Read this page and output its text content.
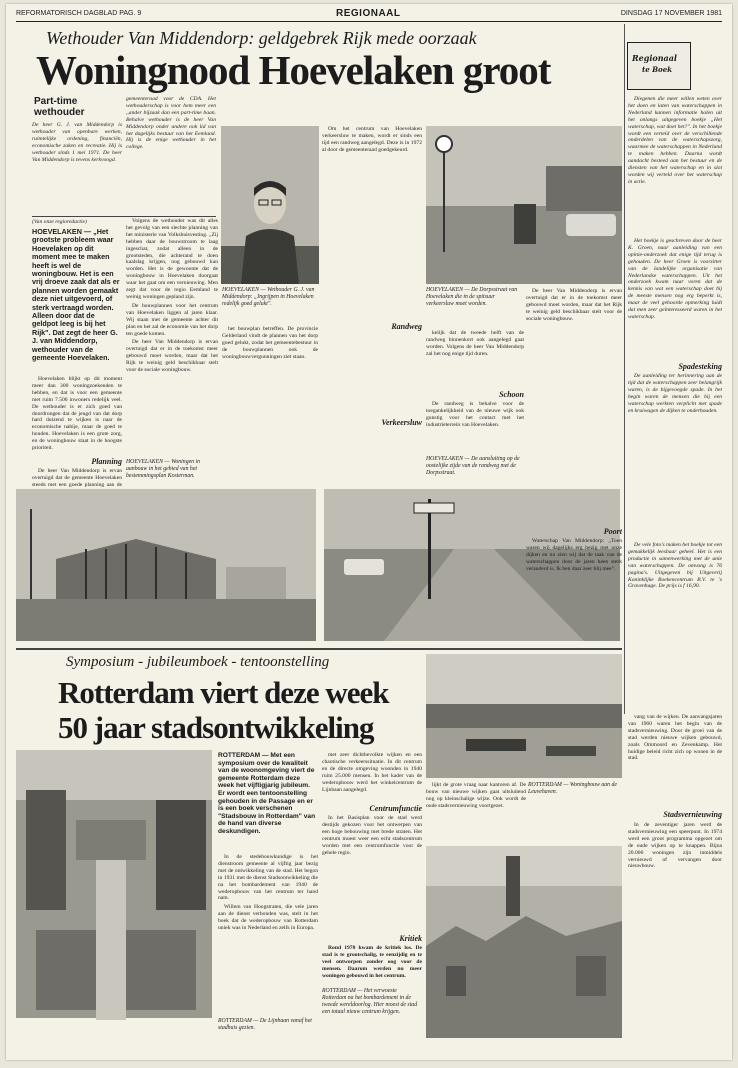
REFORMATORISCH DAGBLAD PAG. 9	REGIONAAL	DINSDAG 17 NOVEMBER 1981
Wethouder Van Middendorp: geldgebrek Rijk mede oorzaak
Woningnood Hoevelaken groot
Part-time wethouder
De heer G. J. van Middendorp is wethouder van openbare werken, ruimtelijke ordening, financiën, economische zaken en recreatie. Hij is wethouder sinds 1 mei 1971. De heer Van Middendorp is tevens kerkvoogd.
gemeenteraad voor de CDA. Het wethouderschap is voor hem meer een ,,ander bijzaak dan een part-time baan. Behalve wethouder is de heer Van Middendorp onder andere ook lid van het dagelijks bestuur van het Eemland. Hij is de enige wethouder in het college.
(Van onze regioredactie)
HOEVELAKEN — „Het grootste probleem waar Hoevelaken op dit moment mee te maken heeft is wel de woningbouw. Het is een vrij droeve zaak dat als er plannen worden gemaakt deze niet uitgevoerd, of sterk vertraagd worden. Alleen door dat de geldpot leeg is bij het Rijk". Dat zegt de heer G. J. van Middendorp, wethouder van de gemeente Hoevelaken.

Hoevelaken blijkt op dit moment meer dan 300 woningzoekenden te hebben, en dat is voor een gemeente met ruim 7.500 inwoners redelijk veel. De wethouder is er zich goed van doordrongen dat de jeugd van dat dorp hard duizend te wijken is naar de economische nabije, maar de goed te houden. Hoevelaken is een grote zorg, en de woningbouw staat in de hoogste prioriteit.

Planning

De heer Van Middendorp is ervan overtuigd dat de gemeente Hoevelaken steeds met een goede planning aan de

Volgens de wethouder was dit alles het gevolg van een slechte planning van het ministerie van Volkshuisvesting. „Zij hebben daar de bouwstroom te laag ingeschat, zodat alleen in de grootsteden, die achterand te doen kaalslag krijgen, nog gebouwd kan worden. Het is de gewoonte dat de woningbouw in Hoevelaken doorgaat waar het gaat om een vernieuwing. Men zegt dat voor de regio Eemland te weinig woningen gepland zijn.

De bouwplannen voor het centrum van Hoevelaken liggen al jaren klaar. Wij staan met de gemeente achter dit plan en het zal de economie van het dorp ten goede komen.

De heer Van Middendorp is ervan overtuigd dat er in de toekomst meer gebouwd moet worden, maar dat het Rijk te weinig geld beschikbaar stelt voor de sociale woningbouw.

HOEVELAKEN — Woningen in aanbouw in het gebied van het bestemmingsplan Kosterman.
HOEVELAKEN — Wethouder G. J. van Middendorp: „Ingrijpen in Hoevelaken redelijk goed gelukt".

het bouwplan betreffen. De provincie Gelderland vindt de plannen van het dorp goed gelukt, zodat het gemeentebestuur in de bouwplannen ook de woningbouwvergunningen ziet staan.

Om het centrum van Hoevelaken verkeersluw te maken, wordt er sinds een tijd een randweg aangelegd. Deze is in 1972 al door de gemeenteraad goedgekeurd.

Randweg
Verkeersluw
HOEVELAKEN — De Dorpsstraat van Hoevelaken die in de spitsuur verkeersluw moet worden.

kelijk dat de tweede helft van de randweg binnenkort ook aangelegd gaat worden. Volgens de heer Van Middendorp zal het nog enige tijd duren.

Schoon

De randweg is behalve voor de toegankelijkheid van de nieuwe wijk ook gunstig voor het contact met het industrieterrein van Hoevelaken.

HOEVELAKEN — De aansluiting op de oostelijke zijde van de randweg met de Dorpsstraat.
Regionaal
te Boek

Diegenen die meer willen weten over het doen en laten van waterschappen in Nederland kunnen informatie halen uit het onlangs uitgegeven boekje „Het waterschap, wat doet het?". In het boekje wordt een verteld over de verschillende onderdelen van de waterschapszorg, waarmee de waterschappen in Nederland te maken hebben. Daarna wordt aandacht besteed aan het bestuur en de diensten van het waterschap en in slot worden wij verteld over het waterschap in actie.

Het boekje is geschreven door de heer K. Groen, naar aanleiding van een opinie-onderzoek dat enige tijd terug is gehouden. De heer Groen is voorzitter van de landelijke organisatie van Nederlandse waterschappen. Uit het onderzoek kwam naar voren dat de kennis van wat een waterschap doet bij de meeste mensen nog erg beperkt is, maar de veel gehoorde opmerking luidt dat men zeer geïnteresseerd waren in het waterschap.

Spadesteking

De aanleiding ter herinnering aan de tijd dat de waterschappen zeer belangrijk waren, is de bijgevoegde spade. In het begin waren de mensen die bij een waterschap werkten verplicht met spade en kruiwagen de dijken te onderhouden.

De vele foto's maken het boekje tot een gemakkelijk leesbaar geheel. Het is een productie in samenwerking met de unie van waterschappen. De omvang is 76 pagina's. Uitgegeven bij Uitgeverij Koninklijke Boekencentrum B.V. te 's Gravenhage. De prijs is f 16,90.

De heer Van Middendorp is ervan overtuigd dat er in de toekomst meer gebouwd moet worden, maar dat het Rijk te weinig geld beschikbaar stelt voor de sociale woningbouw.

Poort

Waterschap Van Middendorp: „Toen waren wij dagelijks erg bezig met onze dijken en nu zien wij dat de taak van de waterschappen door de jaren heen sterk veranderd is. Ik ben daar zeer blij mee".

Symposium - jubileumboek - tentoonstelling
Rotterdam viert deze week
50 jaar stadsontwikkeling
ROTTERDAM — De Lijnbaan vanaf het stadhuis gezien.
ROTTERDAM — Met een symposium over de kwaliteit van de woonomgeving viert de gemeente Rotterdam deze week het vijftigjarig jubileum. Er wordt een tentoonstelling gehouden in de Passage en er is een boek verschenen "Stadsbouw in Rotterdam" van de hand van diverse deskundigen.

In de stedebouwkundige is het dienstroom gemeente al vijftig jaar bezig met de ontwikkeling van de stad. Het begon in 1931 met de dienst Stadsontwikkeling die na het bombardement van 1940 de wederopbouw van het centrum ter hand nam.

Willem van Hoogstraten, die vele jaren aan de dienst verbonden was, stelt in het boek dat de wederopbouw van Rotterdam uniek was in Nederland en zelfs in Europa.

met zeer dichtbevolkte wijken en een chaotische verkeerssituatie. In dit centrum en de directe omgeving woonden in 1940 ruim 25.000 mensen. In het kader van de wederopbouw werd het winkelcentrum de Lijnbaan aangelegd.

Centrumfunctie

In het Basisplan voor de stad werd destijds gekozen voor het ontwerpen van een hoge bebouwing met brede straten. Het centrum moest weer een echt stadscentrum worden met een centrumfunctie voor de gehele regio.

Kritiek

Rond 1970 kwam de kritiek los. De stad is te grootschalig, te eenzijdig en te veel ontworpen zonder oog voor de mensen. Daarom werden nu meer woningen gebouwd in het centrum.

ROTTERDAM — Het verwoeste Rotterdam na het bombardement in de tweede wereldoorlog. Hier moest de stad een totaal nieuw centrum krijgen.

lijkt de grote vraag naar kantoren af. De bouw van nieuwe wijken gaat uitsluitend nog op kleinschalige wijze. Ook wordt de oude stadsvernieuwing voortgezet.

ROTTERDAM — Woningbouw aan de Leuvehaven.

vang van de wijken. De aanvangsjaren van 1960 waren het begin van de stadsvernieuwing. Door de groei van de stad werden nieuwe wijken gebouwd, zoals Ommoord en Zevenkamp. Het huidige beleid richt zich op wonen in de stad.

Stadsvernieuwing

In de zeventiger jaren werd de stadsvernieuwing een speerpunt. In 1974 werd een groot programma opgezet om de oude wijken op te knappen. Bijna 20.000 woningen zijn inmiddels vernieuwd of vervangen door nieuwbouw.
